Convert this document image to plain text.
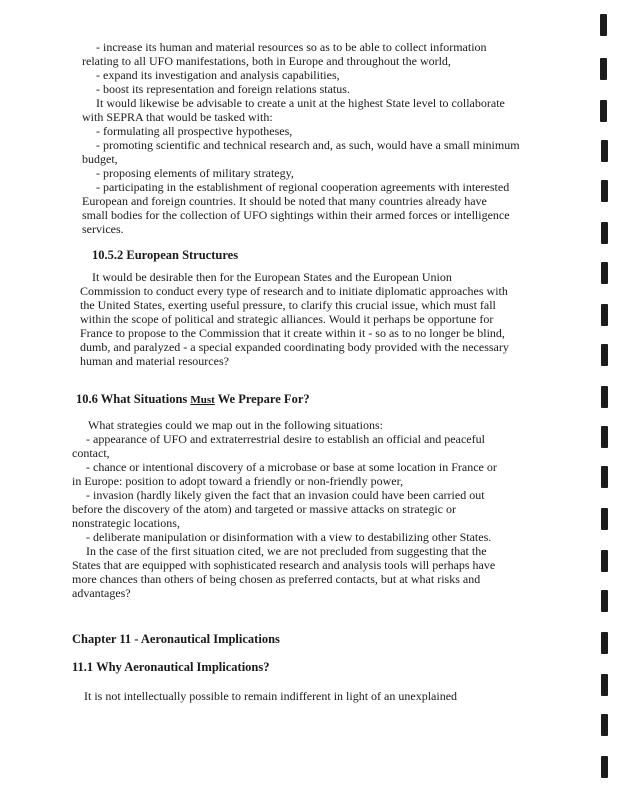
- increase its human and material resources so as to be able to collect information
relating to all UFO manifestations, both in Europe and throughout the world,
- expand its investigation and analysis capabilities,
- boost its representation and foreign relations status.
It would likewise be advisable to create a unit at the highest State level to collaborate
with SEPRA that would be tasked with:
- formulating all prospective hypotheses,
- promoting scientific and technical research and, as such, would have a small minimum
budget,
- proposing elements of military strategy,
- participating in the establishment of regional cooperation agreements with interested
European and foreign countries. It should be noted that many countries already have
small bodies for the collection of UFO sightings within their armed forces or intelligence
services.
10.5.2 European Structures
It would be desirable then for the European States and the European Union
Commission to conduct every type of research and to initiate diplomatic approaches with
the United States, exerting useful pressure, to clarify this crucial issue, which must fall
within the scope of political and strategic alliances. Would it perhaps be opportune for
France to propose to the Commission that it create within it - so as to no longer be blind,
dumb, and paralyzed - a special expanded coordinating body provided with the necessary
human and material resources?
10.6 What Situations Must We Prepare For?
What strategies could we map out in the following situations:
- appearance of UFO and extraterrestrial desire to establish an official and peaceful
contact,
- chance or intentional discovery of a microbase or base at some location in France or
in Europe: position to adopt toward a friendly or non-friendly power,
- invasion (hardly likely given the fact that an invasion could have been carried out
before the discovery of the atom) and targeted or massive attacks on strategic or
nonstrategic locations,
- deliberate manipulation or disinformation with a view to destabilizing other States.
In the case of the first situation cited, we are not precluded from suggesting that the
States that are equipped with sophisticated research and analysis tools will perhaps have
more chances than others of being chosen as preferred contacts, but at what risks and
advantages?
Chapter 11 - Aeronautical Implications
11.1 Why Aeronautical Implications?
It is not intellectually possible to remain indifferent in light of an unexplained
